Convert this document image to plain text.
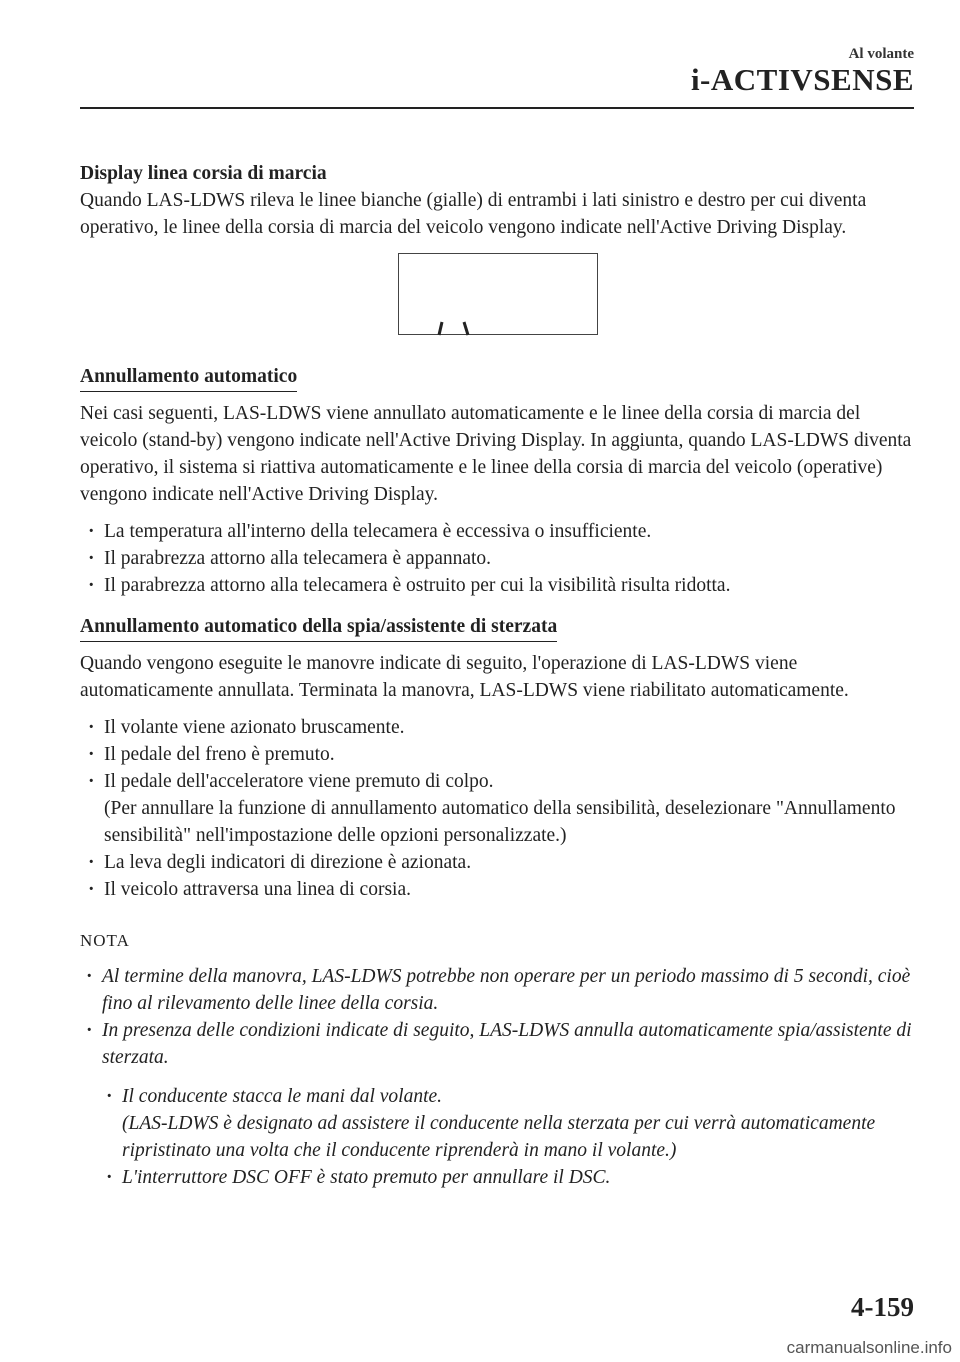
Al volante
i-ACTIVSENSE

Display linea corsia di marcia

Quando LAS-LDWS rileva le linee bianche (gialle) di entrambi i lati sinistro e destro per cui diventa operativo, le linee della corsia di marcia del veicolo vengono indicate nell'Active Driving Display.

Annullamento automatico

Nei casi seguenti, LAS-LDWS viene annullato automaticamente e le linee della corsia di marcia del veicolo (stand-by) vengono indicate nell'Active Driving Display. In aggiunta, quando LAS-LDWS diventa operativo, il sistema si riattiva automaticamente e le linee della corsia di marcia del veicolo (operative) vengono indicate nell'Active Driving Display.

· La temperatura all'interno della telecamera è eccessiva o insufficiente.
· Il parabrezza attorno alla telecamera è appannato.
· Il parabrezza attorno alla telecamera è ostruito per cui la visibilità risulta ridotta.
Annullamento automatico della spia/assistente di sterzata

Quando vengono eseguite le manovre indicate di seguito, l'operazione di LAS-LDWS viene automaticamente annullata. Terminata la manovra, LAS-LDWS viene riabilitato automaticamente.

· Il volante viene azionato bruscamente.
· Il pedale del freno è premuto.
· Il pedale dell'acceleratore viene premuto di colpo.
(Per annullare la funzione di annullamento automatico della sensibilità, deselezionare "Annullamento sensibilità" nell'impostazione delle opzioni personalizzate.)
· La leva degli indicatori di direzione è azionata.
· Il veicolo attraversa una linea di corsia.
NOTA
· Al termine della manovra, LAS-LDWS potrebbe non operare per un periodo massimo di 5 secondi, cioè fino al rilevamento delle linee della corsia.
· In presenza delle condizioni indicate di seguito, LAS-LDWS annulla automaticamente spia/assistente di sterzata.
· Il conducente stacca le mani dal volante.
(LAS-LDWS è designato ad assistere il conducente nella sterzata per cui verrà automaticamente ripristinato una volta che il conducente riprenderà in mano il volante.)
· L'interruttore DSC OFF è stato premuto per annullare il DSC.
4-159
carmanualsonline.info
